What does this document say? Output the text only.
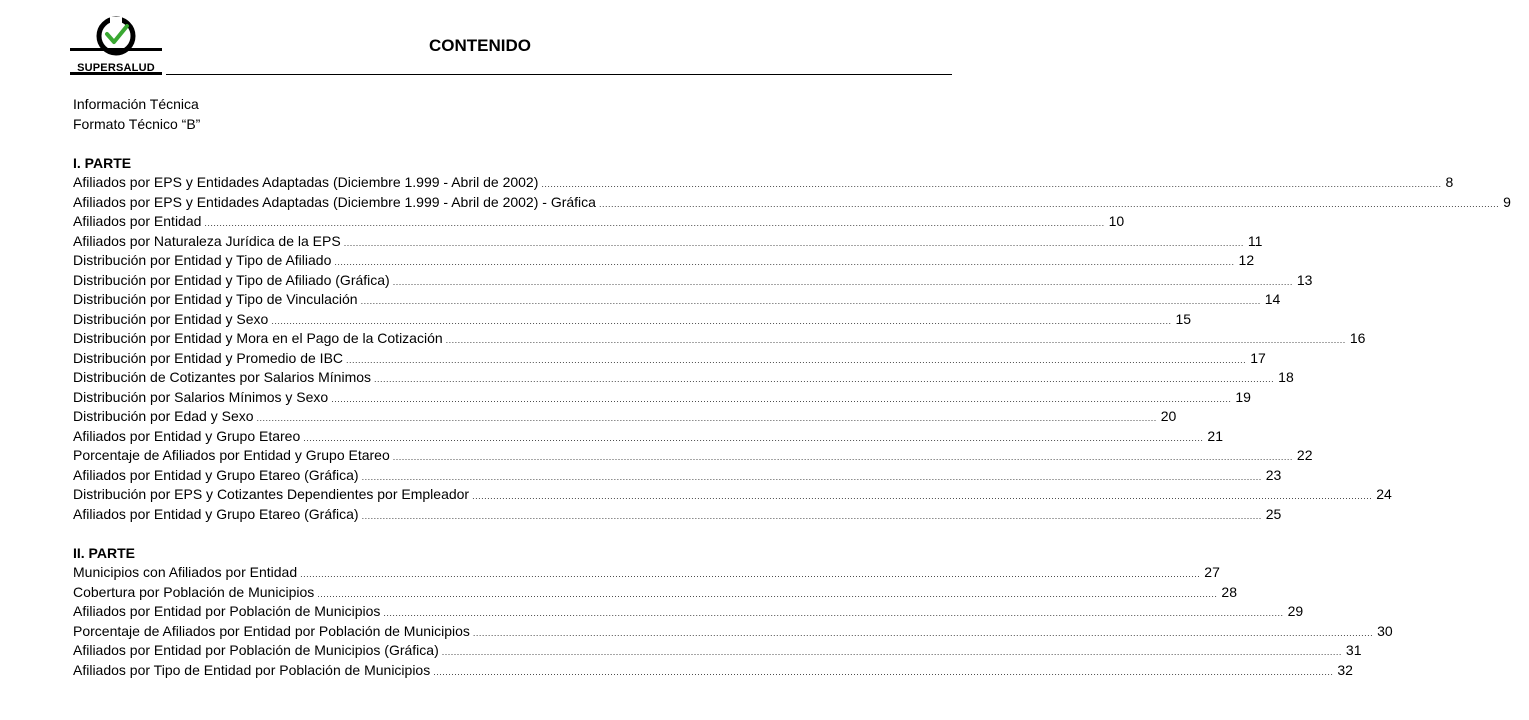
SUPERSALUD
CONTENIDO
Información Técnica
Formato Técnico “B”
I. PARTE
Afiliados por EPS y Entidades Adaptadas (Diciembre 1.999 - Abril de 2002) ............................................................................................................................................................................................................................................................................................................ 8
Afiliados por EPS y Entidades Adaptadas (Diciembre 1.999 - Abril de 2002) - Gráfica ............................................................................................................................................................................................................................................................................................................ 9
Afiliados por Entidad ............................................................................................................................................................................................................................................................................................................ 10
Afiliados por Naturaleza Jurídica de la EPS ............................................................................................................................................................................................................................................................................................................ 11
Distribución por Entidad y Tipo de Afiliado ............................................................................................................................................................................................................................................................................................................ 12
Distribución por Entidad y Tipo de Afiliado (Gráfica) ............................................................................................................................................................................................................................................................................................................ 13
Distribución por Entidad y Tipo de Vinculación ............................................................................................................................................................................................................................................................................................................ 14
Distribución por Entidad y Sexo ............................................................................................................................................................................................................................................................................................................ 15
Distribución por Entidad y Mora en el Pago de la Cotización ............................................................................................................................................................................................................................................................................................................ 16
Distribución por Entidad y Promedio de IBC ............................................................................................................................................................................................................................................................................................................ 17
Distribución de Cotizantes por Salarios Mínimos ............................................................................................................................................................................................................................................................................................................ 18
Distribución por Salarios Mínimos y Sexo ............................................................................................................................................................................................................................................................................................................ 19
Distribución por Edad y Sexo ............................................................................................................................................................................................................................................................................................................ 20
Afiliados por Entidad y Grupo Etareo ............................................................................................................................................................................................................................................................................................................ 21
Porcentaje de Afiliados por Entidad y Grupo Etareo ............................................................................................................................................................................................................................................................................................................ 22
Afiliados por Entidad y Grupo Etareo (Gráfica) ............................................................................................................................................................................................................................................................................................................ 23
Distribución por EPS y Cotizantes Dependientes por Empleador ............................................................................................................................................................................................................................................................................................................ 24
Afiliados por Entidad y Grupo Etareo (Gráfica) ............................................................................................................................................................................................................................................................................................................ 25
II. PARTE
Municipios con Afiliados por Entidad ............................................................................................................................................................................................................................................................................................................ 27
Cobertura por Población de Municipios ............................................................................................................................................................................................................................................................................................................ 28
Afiliados por Entidad por Población de Municipios ............................................................................................................................................................................................................................................................................................................ 29
Porcentaje de Afiliados por Entidad por Población de Municipios ............................................................................................................................................................................................................................................................................................................ 30
Afiliados por Entidad por Población de Municipios (Gráfica) ............................................................................................................................................................................................................................................................................................................ 31
Afiliados por Tipo de Entidad por Población de Municipios ............................................................................................................................................................................................................................................................................................................ 32
